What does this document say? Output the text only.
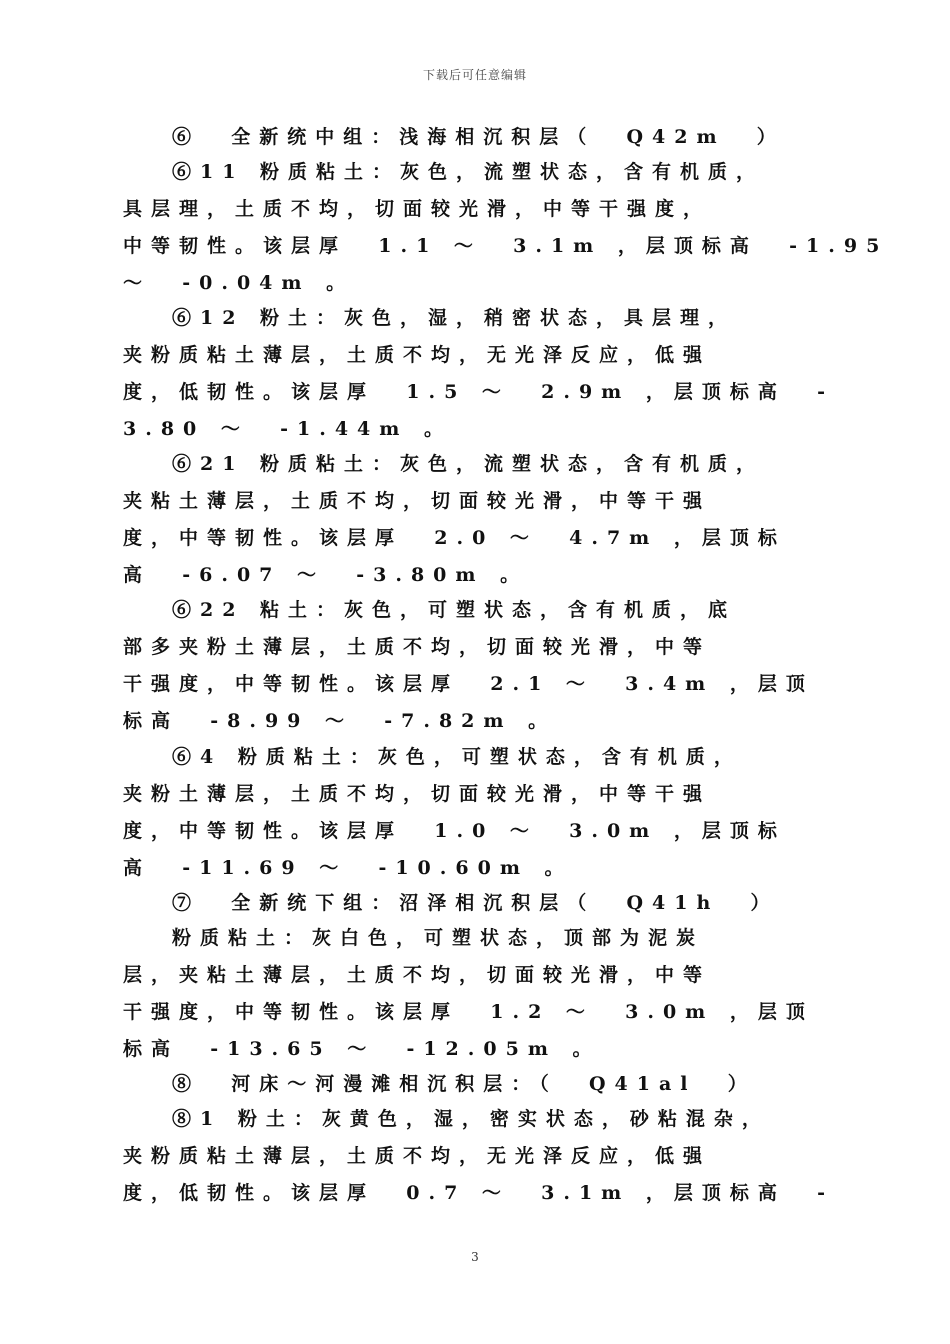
下载后可任意编辑
⑥  全新统中组：浅海相沉积层（  Q42m  ）
⑥11 粉质粘土：灰色，流塑状态，含有机质，
具层理，土质不均，切面较光滑，中等干强度，
中等韧性。该层厚  1.1 ～  3.1m ，层顶标高  -1.95
～  -0.04m 。
⑥12 粉土：灰色，湿，稍密状态，具层理，
夹粉质粘土薄层，土质不均，无光泽反应，低强
度，低韧性。该层厚  1.5 ～  2.9m ，层顶标高  -
3.80 ～  -1.44m 。
⑥21 粉质粘土：灰色，流塑状态，含有机质，
夹粘土薄层，土质不均，切面较光滑，中等干强
度，中等韧性。该层厚  2.0 ～  4.7m ，层顶标
高  -6.07 ～  -3.80m 。
⑥22 粘土：灰色，可塑状态，含有机质，底
部多夹粉土薄层，土质不均，切面较光滑，中等
干强度，中等韧性。该层厚  2.1 ～  3.4m ，层顶
标高  -8.99 ～  -7.82m 。
⑥4 粉质粘土：灰色，可塑状态，含有机质，
夹粉土薄层，土质不均，切面较光滑，中等干强
度，中等韧性。该层厚  1.0 ～  3.0m ，层顶标
高  -11.69 ～  -10.60m 。
⑦  全新统下组：沼泽相沉积层（  Q41h  ）
粉质粘土：灰白色，可塑状态，顶部为泥炭
层，夹粘土薄层，土质不均，切面较光滑，中等
干强度，中等韧性。该层厚  1.2 ～  3.0m ，层顶
标高  -13.65 ～  -12.05m 。
⑧  河床～河漫滩相沉积层：（  Q41al  ）
⑧1 粉土：灰黄色，湿，密实状态，砂粘混杂，
夹粉质粘土薄层，土质不均，无光泽反应，低强
度，低韧性。该层厚  0.7 ～  3.1m ，层顶标高  -
3
